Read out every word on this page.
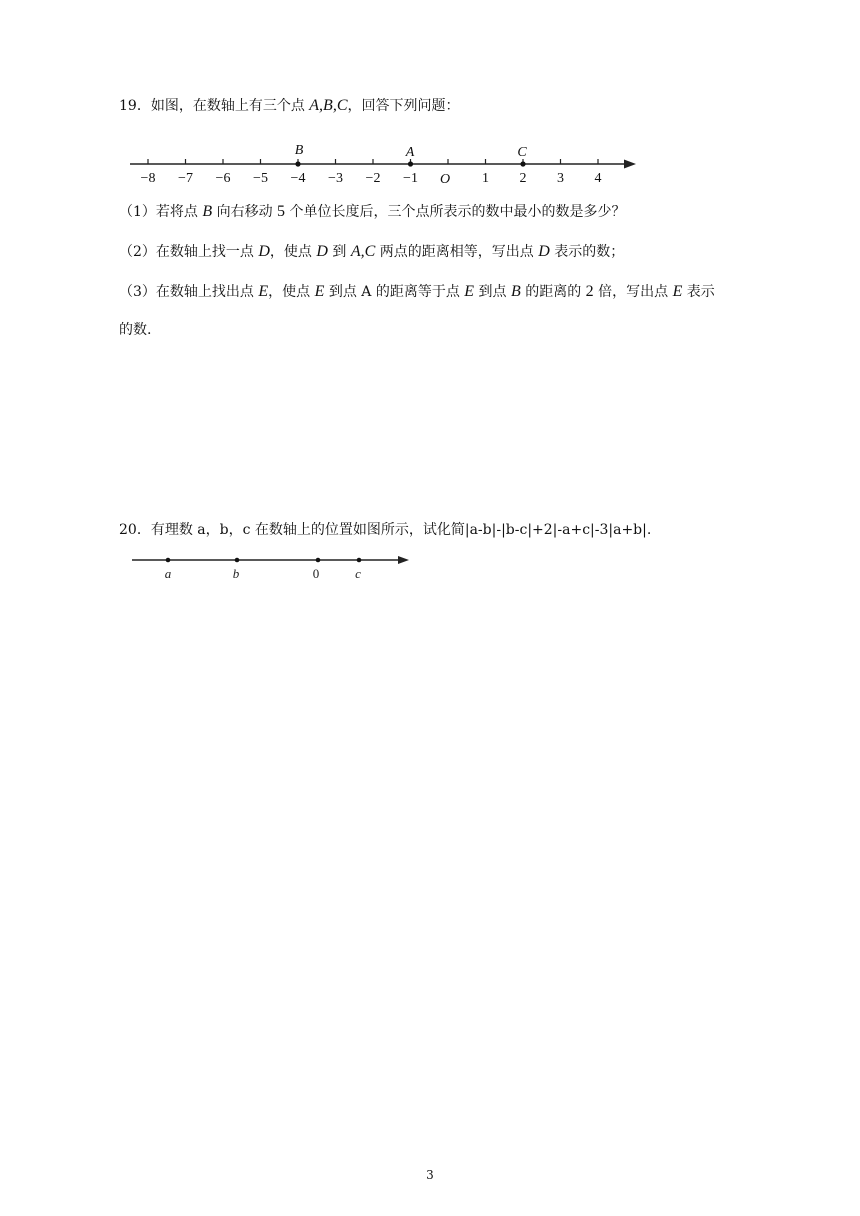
19．如图，在数轴上有三个点 A,B,C，回答下列问题：
−8 −7 −6 −5 −4 −3 −2 −1 O 1 2 3 4
B	A	C
（1）若将点 B 向右移动 5 个单位长度后，三个点所表示的数中最小的数是多少？
（2）在数轴上找一点 D，使点 D 到 A,C 两点的距离相等，写出点 D 表示的数；
（3）在数轴上找出点 E，使点 E 到点 A 的距离等于点 E 到点 B 的距离的 2 倍，写出点 E 表示
的数.
20．有理数 a，b，c 在数轴上的位置如图所示，试化简|a-b|-|b-c|+2|-a+c|-3|a+b|.
a	b	0	c
3
